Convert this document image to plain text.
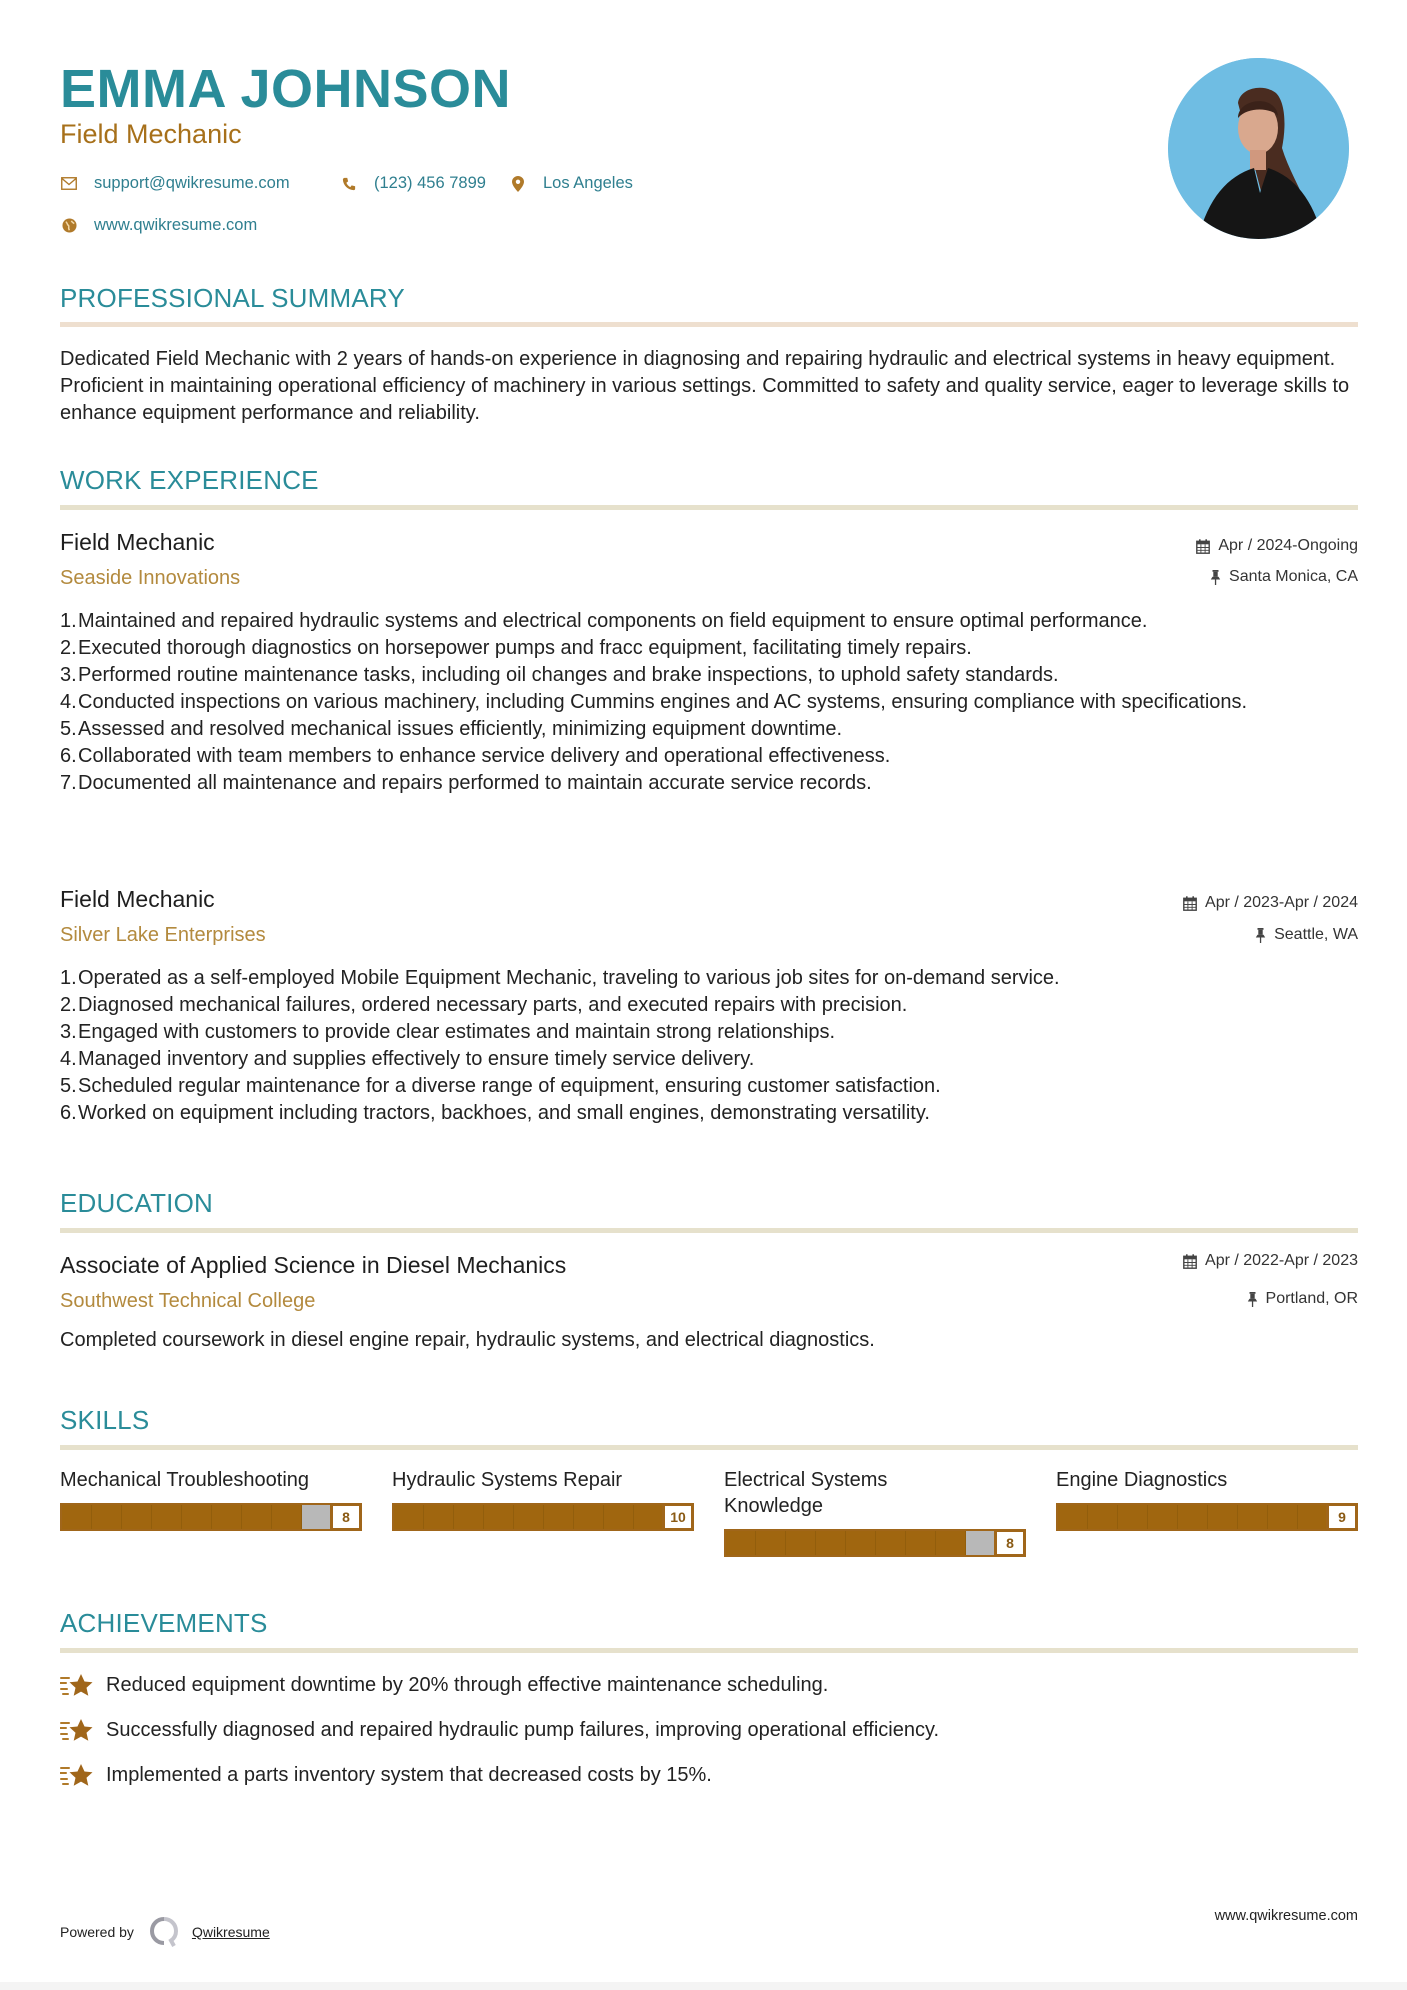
EMMA JOHNSON
Field Mechanic
support@qwikresume.com	(123) 456 7899	Los Angeles
www.qwikresume.com
PROFESSIONAL SUMMARY
Dedicated Field Mechanic with 2 years of hands-on experience in diagnosing and repairing hydraulic and electrical systems in heavy equipment. Proficient in maintaining operational efficiency of machinery in various settings. Committed to safety and quality service, eager to leverage skills to enhance equipment performance and reliability.
WORK EXPERIENCE
Field Mechanic
Seaside Innovations
Apr / 2024-Ongoing
Santa Monica, CA
1. Maintained and repaired hydraulic systems and electrical components on field equipment to ensure optimal performance.
2. Executed thorough diagnostics on horsepower pumps and fracc equipment, facilitating timely repairs.
3. Performed routine maintenance tasks, including oil changes and brake inspections, to uphold safety standards.
4. Conducted inspections on various machinery, including Cummins engines and AC systems, ensuring compliance with specifications.
5. Assessed and resolved mechanical issues efficiently, minimizing equipment downtime.
6. Collaborated with team members to enhance service delivery and operational effectiveness.
7. Documented all maintenance and repairs performed to maintain accurate service records.
Field Mechanic
Silver Lake Enterprises
Apr / 2023-Apr / 2024
Seattle, WA
1. Operated as a self-employed Mobile Equipment Mechanic, traveling to various job sites for on-demand service.
2. Diagnosed mechanical failures, ordered necessary parts, and executed repairs with precision.
3. Engaged with customers to provide clear estimates and maintain strong relationships.
4. Managed inventory and supplies effectively to ensure timely service delivery.
5. Scheduled regular maintenance for a diverse range of equipment, ensuring customer satisfaction.
6. Worked on equipment including tractors, backhoes, and small engines, demonstrating versatility.
EDUCATION
Associate of Applied Science in Diesel Mechanics
Southwest Technical College
Apr / 2022-Apr / 2023
Portland, OR
Completed coursework in diesel engine repair, hydraulic systems, and electrical diagnostics.
SKILLS
Mechanical Troubleshooting
8
Hydraulic Systems Repair
10
Electrical Systems Knowledge
8
Engine Diagnostics
9
ACHIEVEMENTS
Reduced equipment downtime by 20% through effective maintenance scheduling.
Successfully diagnosed and repaired hydraulic pump failures, improving operational efficiency.
Implemented a parts inventory system that decreased costs by 15%.
Powered by	Qwikresume
www.qwikresume.com
